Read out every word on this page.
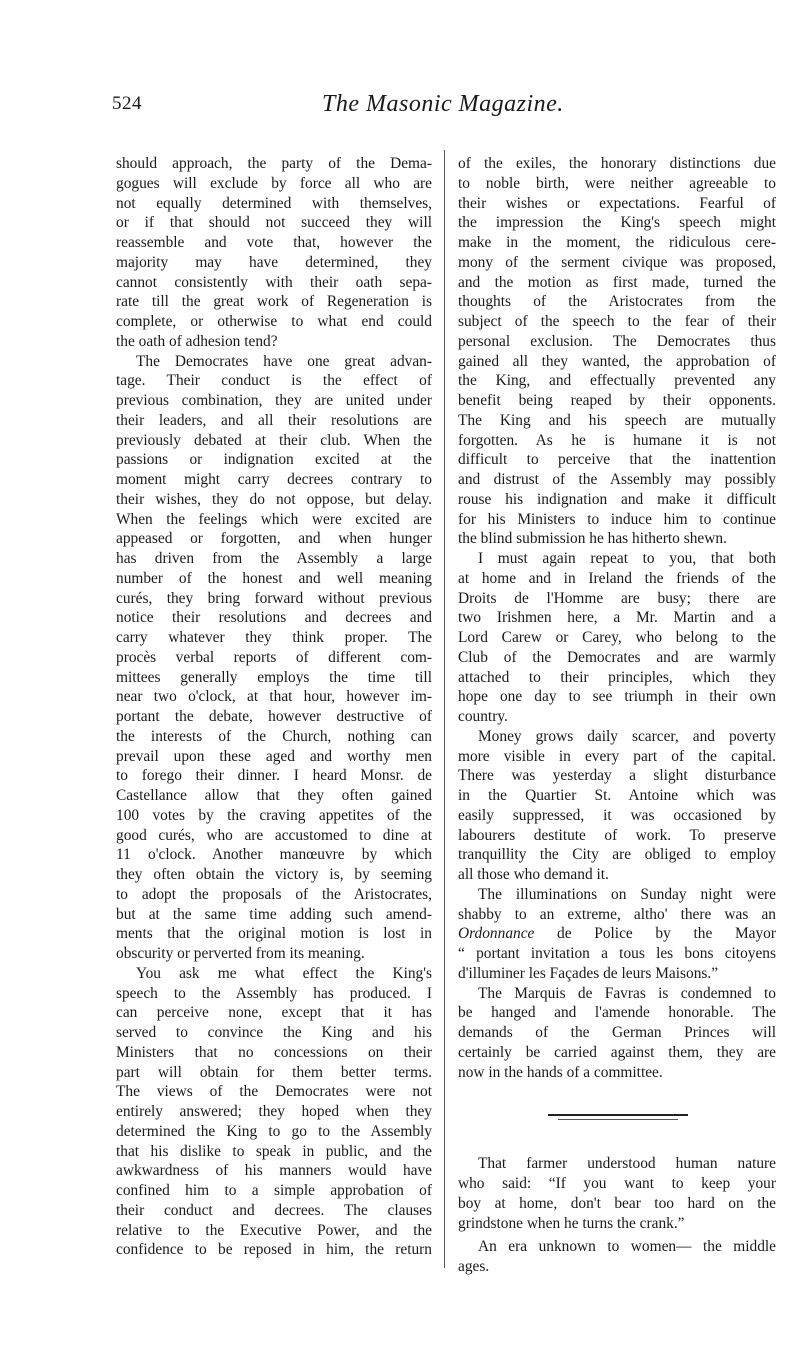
524	The Masonic Magazine.
should approach, the party of the Dema-
gogues will exclude by force all who are
not equally determined with themselves,
or if that should not succeed they will
reassemble and vote that, however the
majority may have determined, they
cannot consistently with their oath sepa-
rate till the great work of Regeneration is
complete, or otherwise to what end could
the oath of adhesion tend?
The Democrates have one great advan-
tage. Their conduct is the effect of
previous combination, they are united under
their leaders, and all their resolutions are
previously debated at their club. When the
passions or indignation excited at the
moment might carry decrees contrary to
their wishes, they do not oppose, but delay.
When the feelings which were excited are
appeased or forgotten, and when hunger
has driven from the Assembly a large
number of the honest and well meaning
curés, they bring forward without previous
notice their resolutions and decrees and
carry whatever they think proper. The
procès verbal reports of different com-
mittees generally employs the time till
near two o'clock, at that hour, however im-
portant the debate, however destructive of
the interests of the Church, nothing can
prevail upon these aged and worthy men
to forego their dinner. I heard Monsr. de
Castellance allow that they often gained
100 votes by the craving appetites of the
good curés, who are accustomed to dine at
11 o'clock. Another manœuvre by which
they often obtain the victory is, by seeming
to adopt the proposals of the Aristocrates,
but at the same time adding such amend-
ments that the original motion is lost in
obscurity or perverted from its meaning.
You ask me what effect the King's
speech to the Assembly has produced. I
can perceive none, except that it has
served to convince the King and his
Ministers that no concessions on their
part will obtain for them better terms.
The views of the Democrates were not
entirely answered; they hoped when they
determined the King to go to the Assembly
that his dislike to speak in public, and the
awkwardness of his manners would have
confined him to a simple approbation of
their conduct and decrees. The clauses
relative to the Executive Power, and the
confidence to be reposed in him, the return
of the exiles, the honorary distinctions due
to noble birth, were neither agreeable to
their wishes or expectations. Fearful of
the impression the King's speech might
make in the moment, the ridiculous cere-
mony of the serment civique was proposed,
and the motion as first made, turned the
thoughts of the Aristocrates from the
subject of the speech to the fear of their
personal exclusion. The Democrates thus
gained all they wanted, the approbation of
the King, and effectually prevented any
benefit being reaped by their opponents.
The King and his speech are mutually
forgotten. As he is humane it is not
difficult to perceive that the inattention
and distrust of the Assembly may possibly
rouse his indignation and make it difficult
for his Ministers to induce him to continue
the blind submission he has hitherto shewn.
I must again repeat to you, that both
at home and in Ireland the friends of the
Droits de l'Homme are busy; there are
two Irishmen here, a Mr. Martin and a
Lord Carew or Carey, who belong to the
Club of the Democrates and are warmly
attached to their principles, which they
hope one day to see triumph in their own
country.
Money grows daily scarcer, and poverty
more visible in every part of the capital.
There was yesterday a slight disturbance
in the Quartier St. Antoine which was
easily suppressed, it was occasioned by
labourers destitute of work. To preserve
tranquillity the City are obliged to employ
all those who demand it.
The illuminations on Sunday night were
shabby to an extreme, altho' there was an
Ordonnance de Police by the Mayor
“ portant invitation a tous les bons citoyens
d'illuminer les Façades de leurs Maisons.”
The Marquis de Favras is condemned to
be hanged and l'amende honorable. The
demands of the German Princes will
certainly be carried against them, they are
now in the hands of a committee.
That farmer understood human nature
who said: “If you want to keep your
boy at home, don't bear too hard on the
grindstone when he turns the crank.”
An era unknown to women— the middle
ages.
